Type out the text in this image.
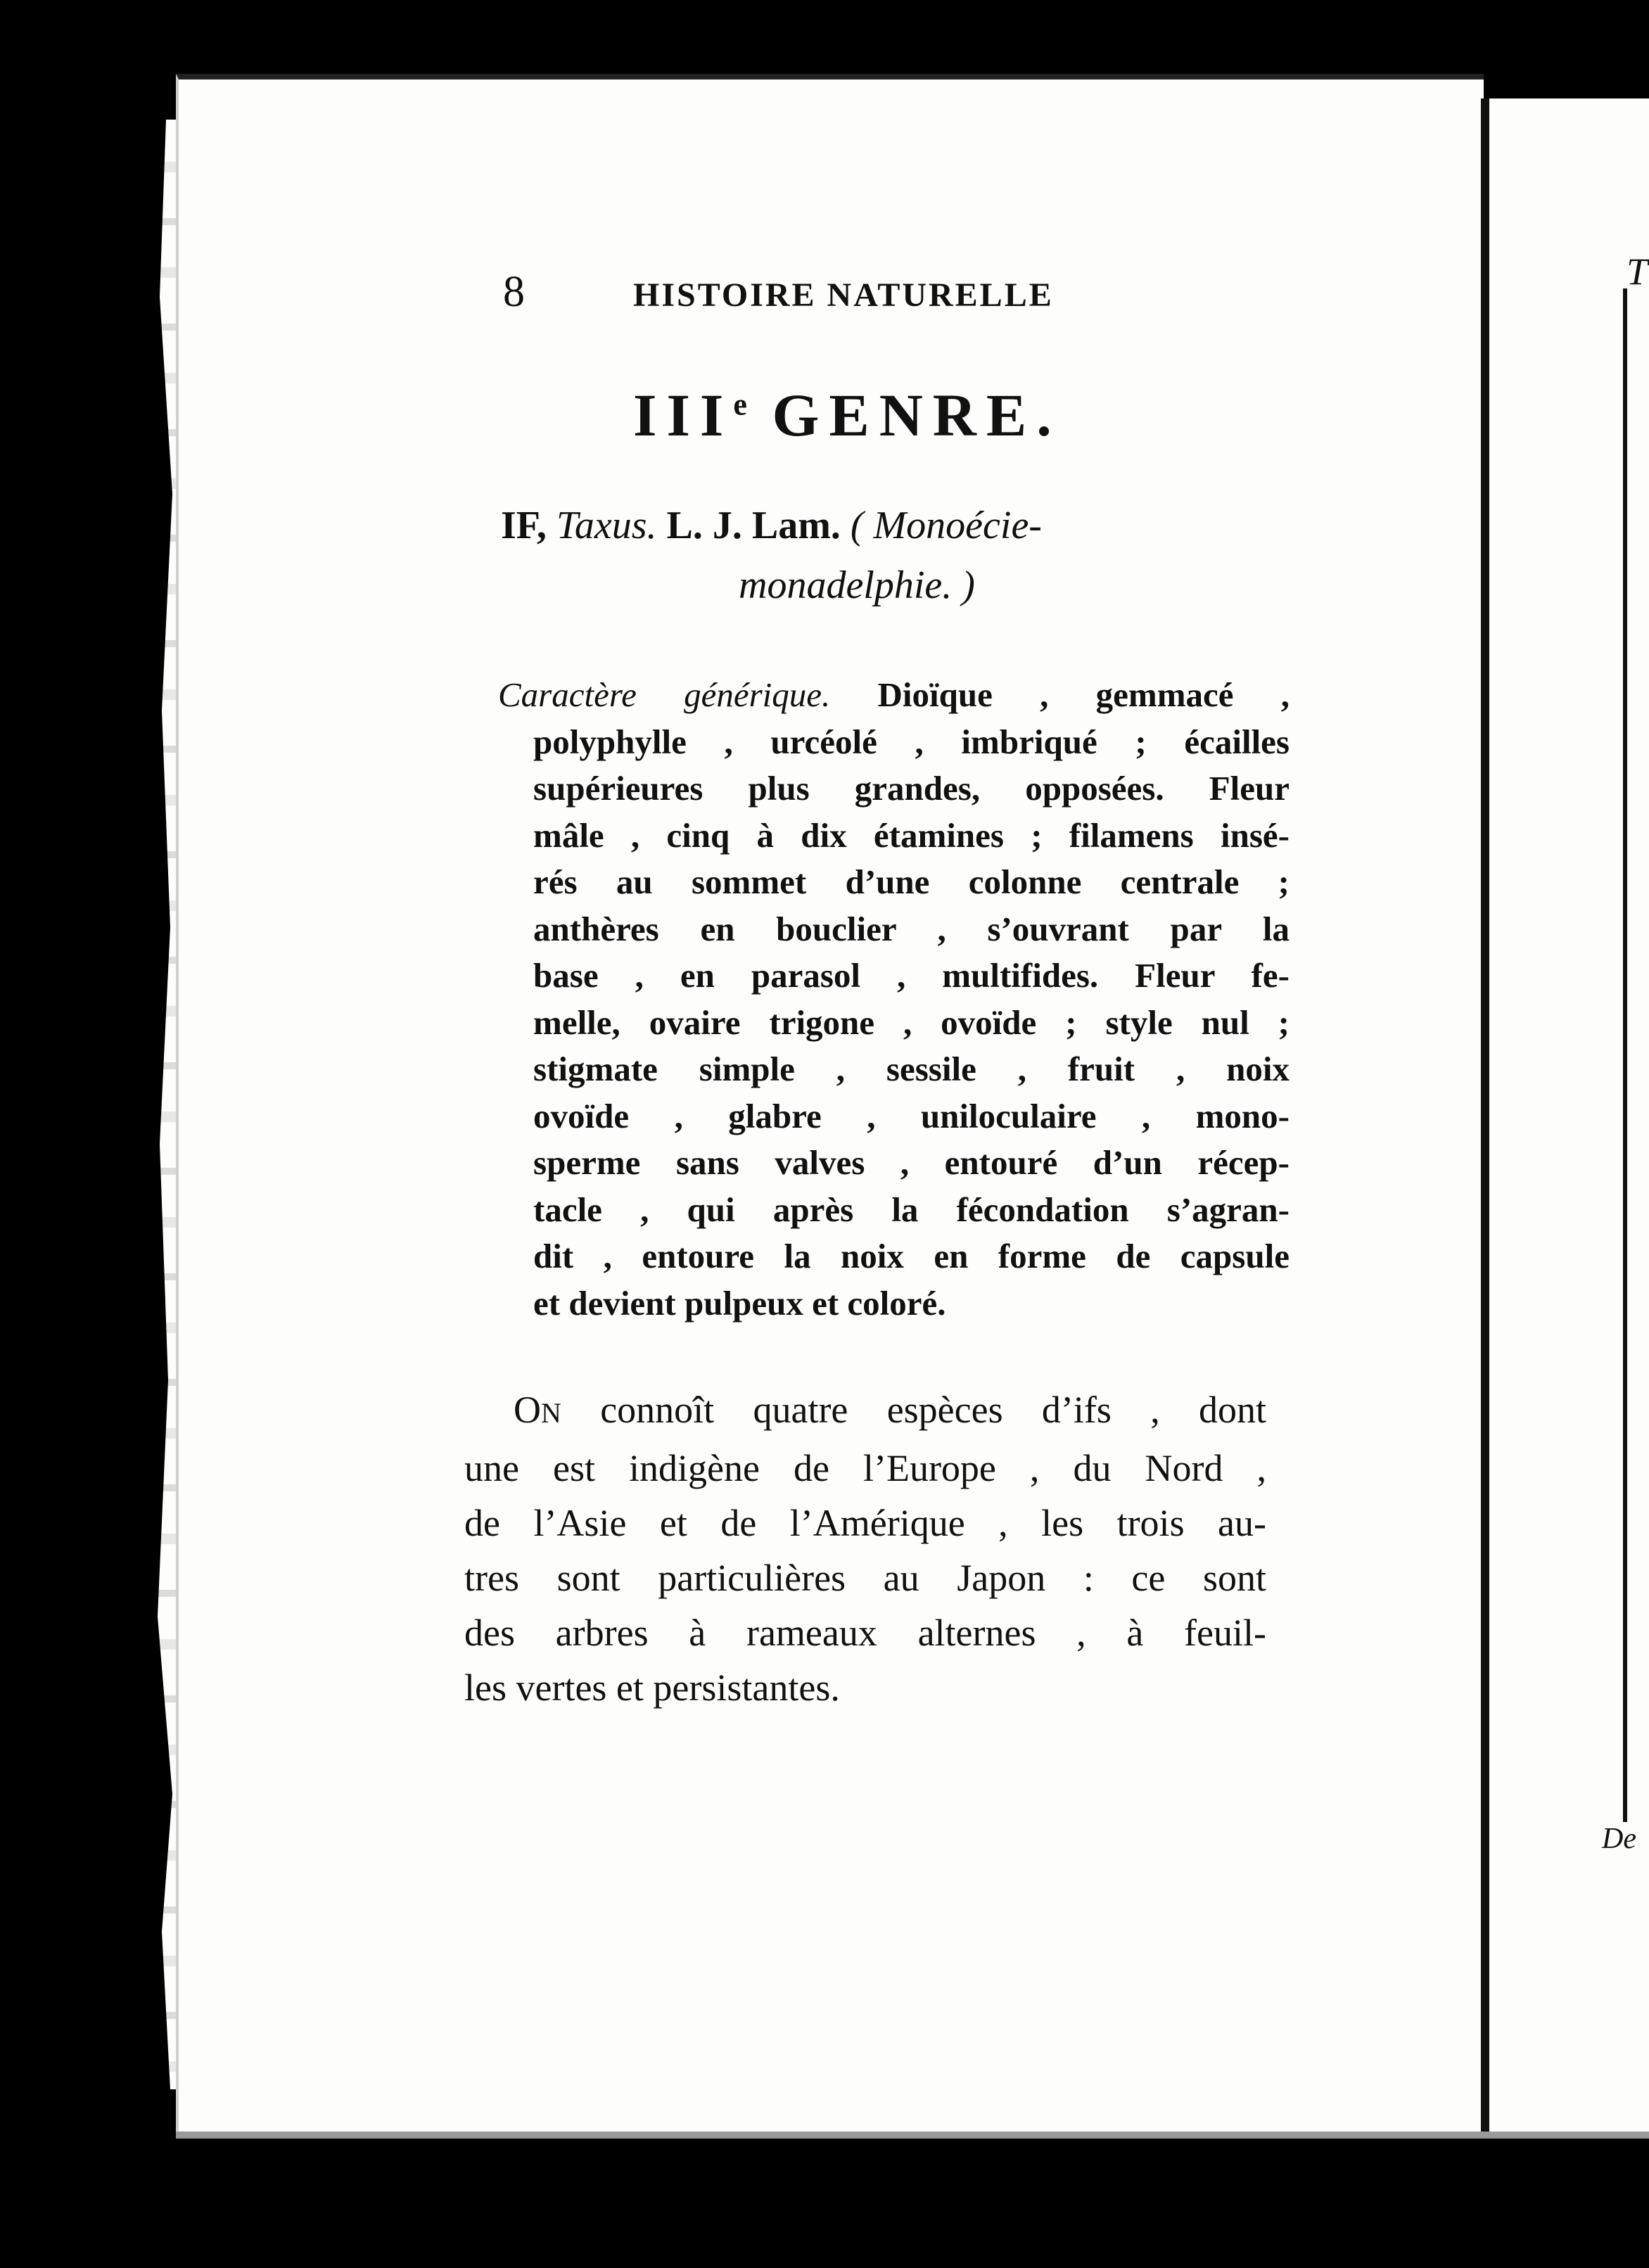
T
De
8	HISTOIRE NATURELLE
IIIe GENRE.
IF, Taxus. L. J. Lam. ( Monoécie-
monadelphie. )
Caractère générique. Dioïque , gemmacé ,
polyphylle , urcéolé , imbriqué ; écailles
supérieures plus grandes, opposées. Fleur
mâle , cinq à dix étamines ; filamens insé-
rés au sommet d’une colonne centrale ;
anthères en bouclier , s’ouvrant par la
base , en parasol , multifides. Fleur fe-
melle, ovaire trigone , ovoïde ; style nul ;
stigmate simple , sessile , fruit , noix
ovoïde , glabre , uniloculaire , mono-
sperme sans valves , entouré d’un récep-
tacle , qui après la fécondation s’agran-
dit , entoure la noix en forme de capsule
et devient pulpeux et coloré.
ON connoît quatre espèces d’ifs , dont
une est indigène de l’Europe , du Nord ,
de l’Asie et de l’Amérique , les trois au-
tres sont particulières au Japon : ce sont
des arbres à rameaux alternes , à feuil-
les vertes et persistantes.
